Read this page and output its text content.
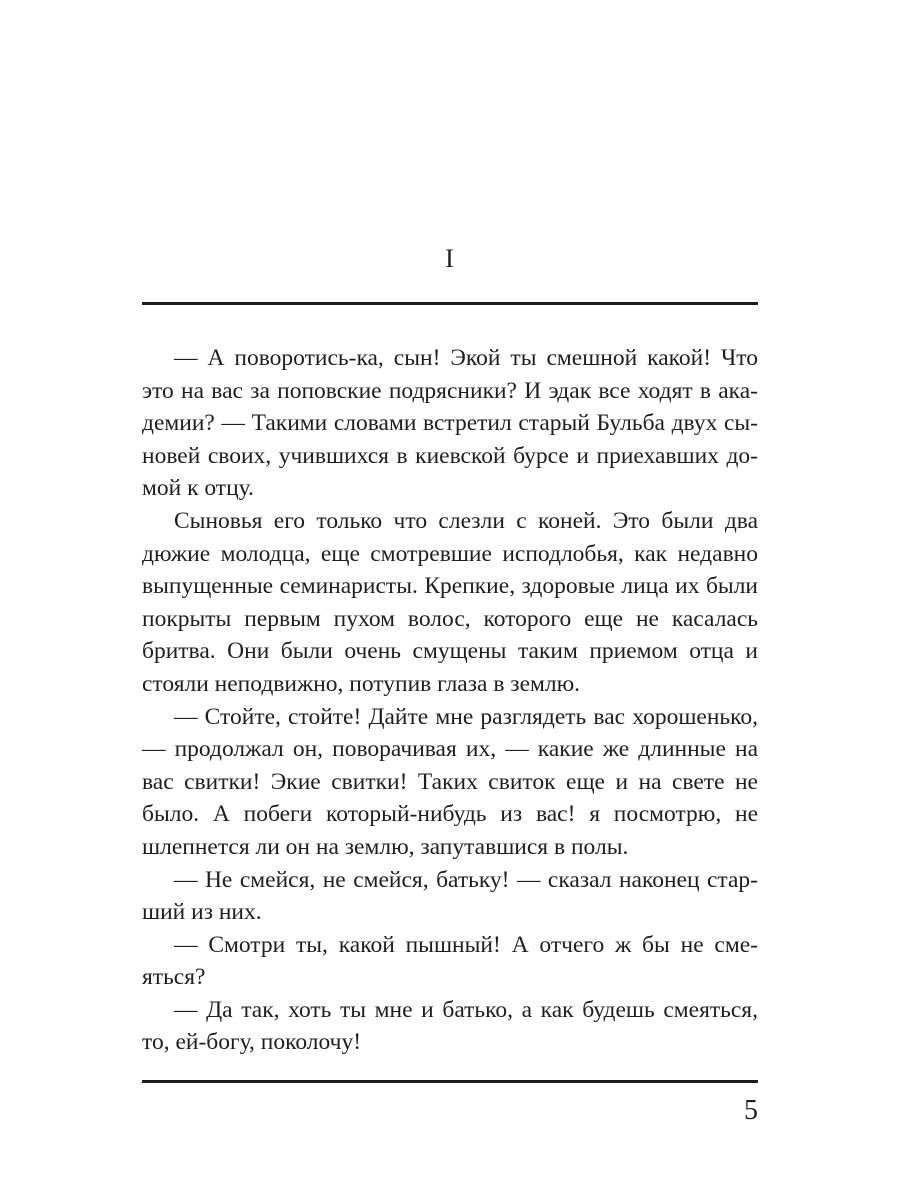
I

— А поворотись-ка, сын! Экой ты смешной какой! Что это на вас за поповские подрясники? И эдак все ходят в академии? — Такими словами встретил старый Бульба двух сыновей своих, учившихся в киевской бурсе и приехавших домой к отцу.

Сыновья его только что слезли с коней. Это были два дюжие молодца, еще смотревшие исподлобья, как недавно выпущенные семинаристы. Крепкие, здоровые лица их были покрыты первым пухом волос, которого еще не касалась бритва. Они были очень смущены таким приемом отца и стояли неподвижно, потупив глаза в землю.

— Стойте, стойте! Дайте мне разглядеть вас хорошенько, — продолжал он, поворачивая их, — какие же длинные на вас свитки! Экие свитки! Таких свиток еще и на свете не было. А побеги который-нибудь из вас! я посмотрю, не шлепнется ли он на землю, запутавшися в полы.

— Не смейся, не смейся, батьку! — сказал наконец старший из них.

— Смотри ты, какой пышный! А отчего ж бы не смеяться?

— Да так, хоть ты мне и батько, а как будешь смеяться, то, ей-богу, поколочу!

5
